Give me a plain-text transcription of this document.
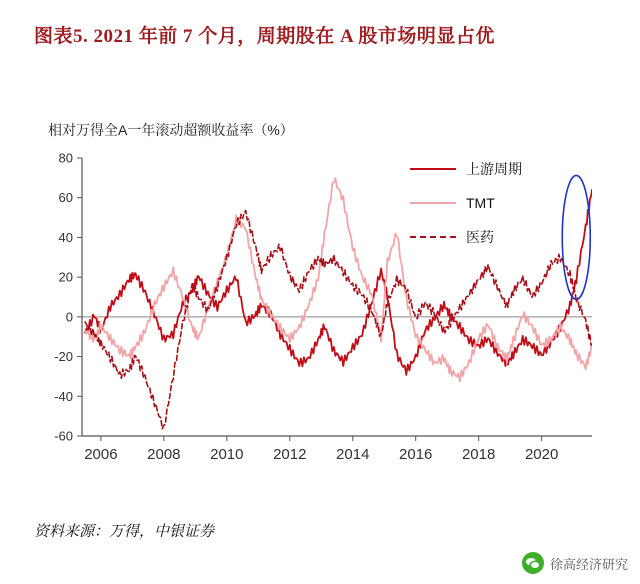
图表5. 2021 年前 7 个月，周期股在 A 股市场明显占优
相对万得全A一年滚动超额收益率（%）
上游周期
TMT
医药
-60
-40
-20
0
20
40
60
80
2006 2008 2010 2012 2014 2016 2018 2020
资料来源：万得，中银证券
徐高经济研究
